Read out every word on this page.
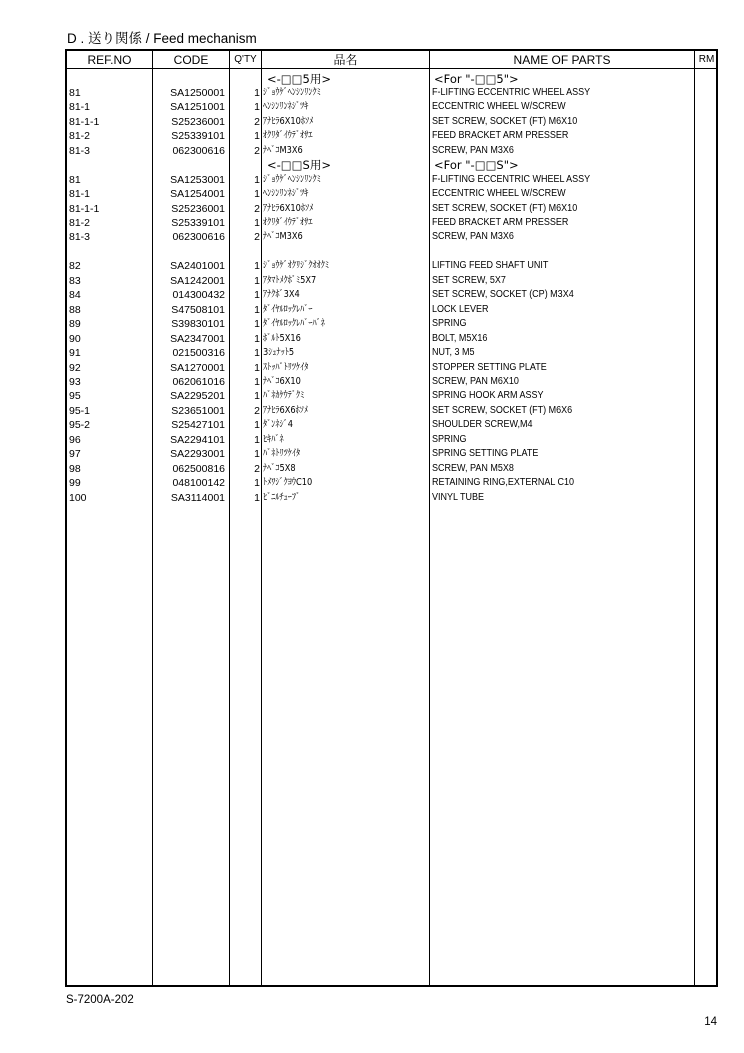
D . 送り関係 / Feed mechanism
REF.NO	CODE	Q'TY	品名	NAME OF PARTS	RM
<-□□5用>	<For "-□□5">
81	SA1250001	1 ｼﾞｮｳｹﾞﾍﾝｼﾝﾘﾝｸﾐ	F-LIFTING ECCENTRIC WHEEL ASSY
81-1	SA1251001	1 ﾍﾝｼﾝﾘﾝﾈｼﾞﾂｷ	ECCENTRIC WHEEL W/SCREW
81-1-1	S25236001	2 ｱﾅﾋﾗ6X10ﾎｿﾒ	SET SCREW, SOCKET (FT) M6X10
81-2	S25339101	1 ｵｸﾘﾀﾞｲｳﾃﾞｵｻｴ	FEED BRACKET ARM PRESSER
81-3	062300616	2 ﾅﾍﾞｺM3X6	SCREW, PAN M3X6
<-□□S用>	<For "-□□S">
81	SA1253001	1 ｼﾞｮｳｹﾞﾍﾝｼﾝﾘﾝｸﾐ	F-LIFTING ECCENTRIC WHEEL ASSY
81-1	SA1254001	1 ﾍﾝｼﾝﾘﾝﾈｼﾞﾂｷ	ECCENTRIC WHEEL W/SCREW
81-1-1	S25236001	2 ｱﾅﾋﾗ6X10ﾎｿﾒ	SET SCREW, SOCKET (FT) M6X10
81-2	S25339101	1 ｵｸﾘﾀﾞｲｳﾃﾞｵｻｴ	FEED BRACKET ARM PRESSER
81-3	062300616	2 ﾅﾍﾞｺM3X6	SCREW, PAN M3X6
82	SA2401001	1 ｼﾞｮｳｹﾞｵｸﾘｼﾞｸｵｵｸﾐ	LIFTING FEED SHAFT UNIT
83	SA1242001	1 ｱﾀﾏﾄﾒｸﾎﾞﾐ5X7	SET SCREW, 5X7
84	014300432	1 ｱﾅｸﾎﾞ3X4	SET SCREW, SOCKET (CP) M3X4
88	S47508101	1 ﾀﾞｲﾔﾙﾛｯｸﾚﾊﾞｰ	LOCK LEVER
89	S39830101	1 ﾀﾞｲﾔﾙﾛｯｸﾚﾊﾞｰﾊﾞﾈ	SPRING
90	SA2347001	1 ﾎﾞﾙﾄ5X16	BOLT, M5X16
91	021500316	1 3ｼｭﾅｯﾄ5	NUT, 3 M5
92	SA1270001	1 ｽﾄｯﾊﾟﾄﾘﾂｹｲﾀ	STOPPER SETTING PLATE
93	062061016	1 ﾅﾍﾞｺ6X10	SCREW, PAN M6X10
95	SA2295201	1 ﾊﾞﾈｶｹｳﾃﾞｸﾐ	SPRING HOOK ARM ASSY
95-1	S23651001	2 ｱﾅﾋﾗ6X6ﾎｿﾒ	SET SCREW, SOCKET (FT) M6X6
95-2	S25427101	1 ﾀﾞﾝﾈｼﾞ4	SHOULDER SCREW,M4
96	SA2294101	1 ﾋｷﾊﾞﾈ	SPRING
97	SA2293001	1 ﾊﾞﾈﾄﾘﾂｹｲﾀ	SPRING SETTING PLATE
98	062500816	2 ﾅﾍﾞｺ5X8	SCREW, PAN M5X8
99	048100142	1 ﾄﾒﾜｼﾞｸﾖｳC10	RETAINING RING,EXTERNAL C10
100	SA3114001	1 ﾋﾞﾆﾙﾁｭｰﾌﾞ	VINYL TUBE
S-7200A-202
14
